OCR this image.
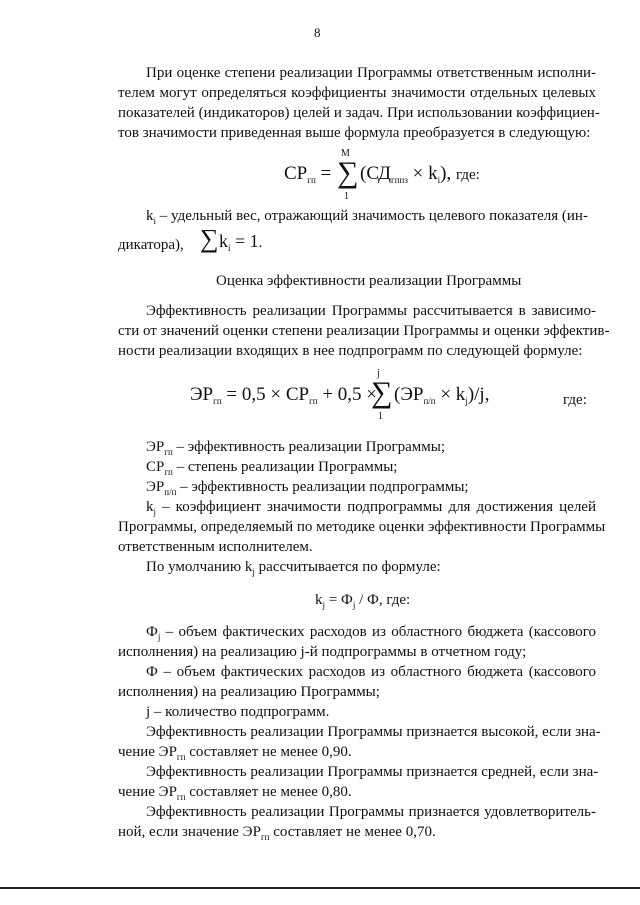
8
При оценке степени реализации Программы ответственным исполни-
телем могут определяться коэффициенты значимости отдельных целевых
показателей (индикаторов) целей и задач. При использовании коэффициен-
тов значимости приведенная выше формула преобразуется в следующую:
$СР_{гп}$ =
M
∑
1
$(СД_{гппз} \times k_i)$, где:
$k_i$ – удельный вес, отражающий значимость целевого показателя (ин-
дикатора), ∑ $k_i = 1$.
Оценка эффективности реализации Программы
Эффективность реализации Программы рассчитывается в зависимо-
сти от значений оценки степени реализации Программы и оценки эффектив-
ности реализации входящих в нее подпрограмм по следующей формуле:
$ЭР_{гп} = 0,5 \times СР_{гп} + 0,5$ ×
j
∑
1
$(ЭР_{п/п} \times k_j)/j$,	где:
$ЭР_{гп}$ – эффективность реализации Программы;
$СР_{гп}$ – степень реализации Программы;
$ЭР_{п/п}$ – эффективность реализации подпрограммы;
$k_j$ – коэффициент значимости подпрограммы для достижения целей
Программы, определяемый по методике оценки эффективности Программы
ответственным исполнителем.
По умолчанию $k_j$ рассчитывается по формуле:
$k_j = Ф_j / Ф$, где:
$Ф_j$ – объем фактических расходов из областного бюджета (кассового
исполнения) на реализацию j-й подпрограммы в отчетном году;
Ф – объем фактических расходов из областного бюджета (кассового
исполнения) на реализацию Программы;
j – количество подпрограмм.
Эффективность реализации Программы признается высокой, если зна-
чение $ЭР_{гп}$ составляет не менее 0,90.
Эффективность реализации Программы признается средней, если зна-
чение $ЭР_{гп}$ составляет не менее 0,80.
Эффективность реализации Программы признается удовлетворитель-
ной, если значение $ЭР_{гп}$ составляет не менее 0,70.
